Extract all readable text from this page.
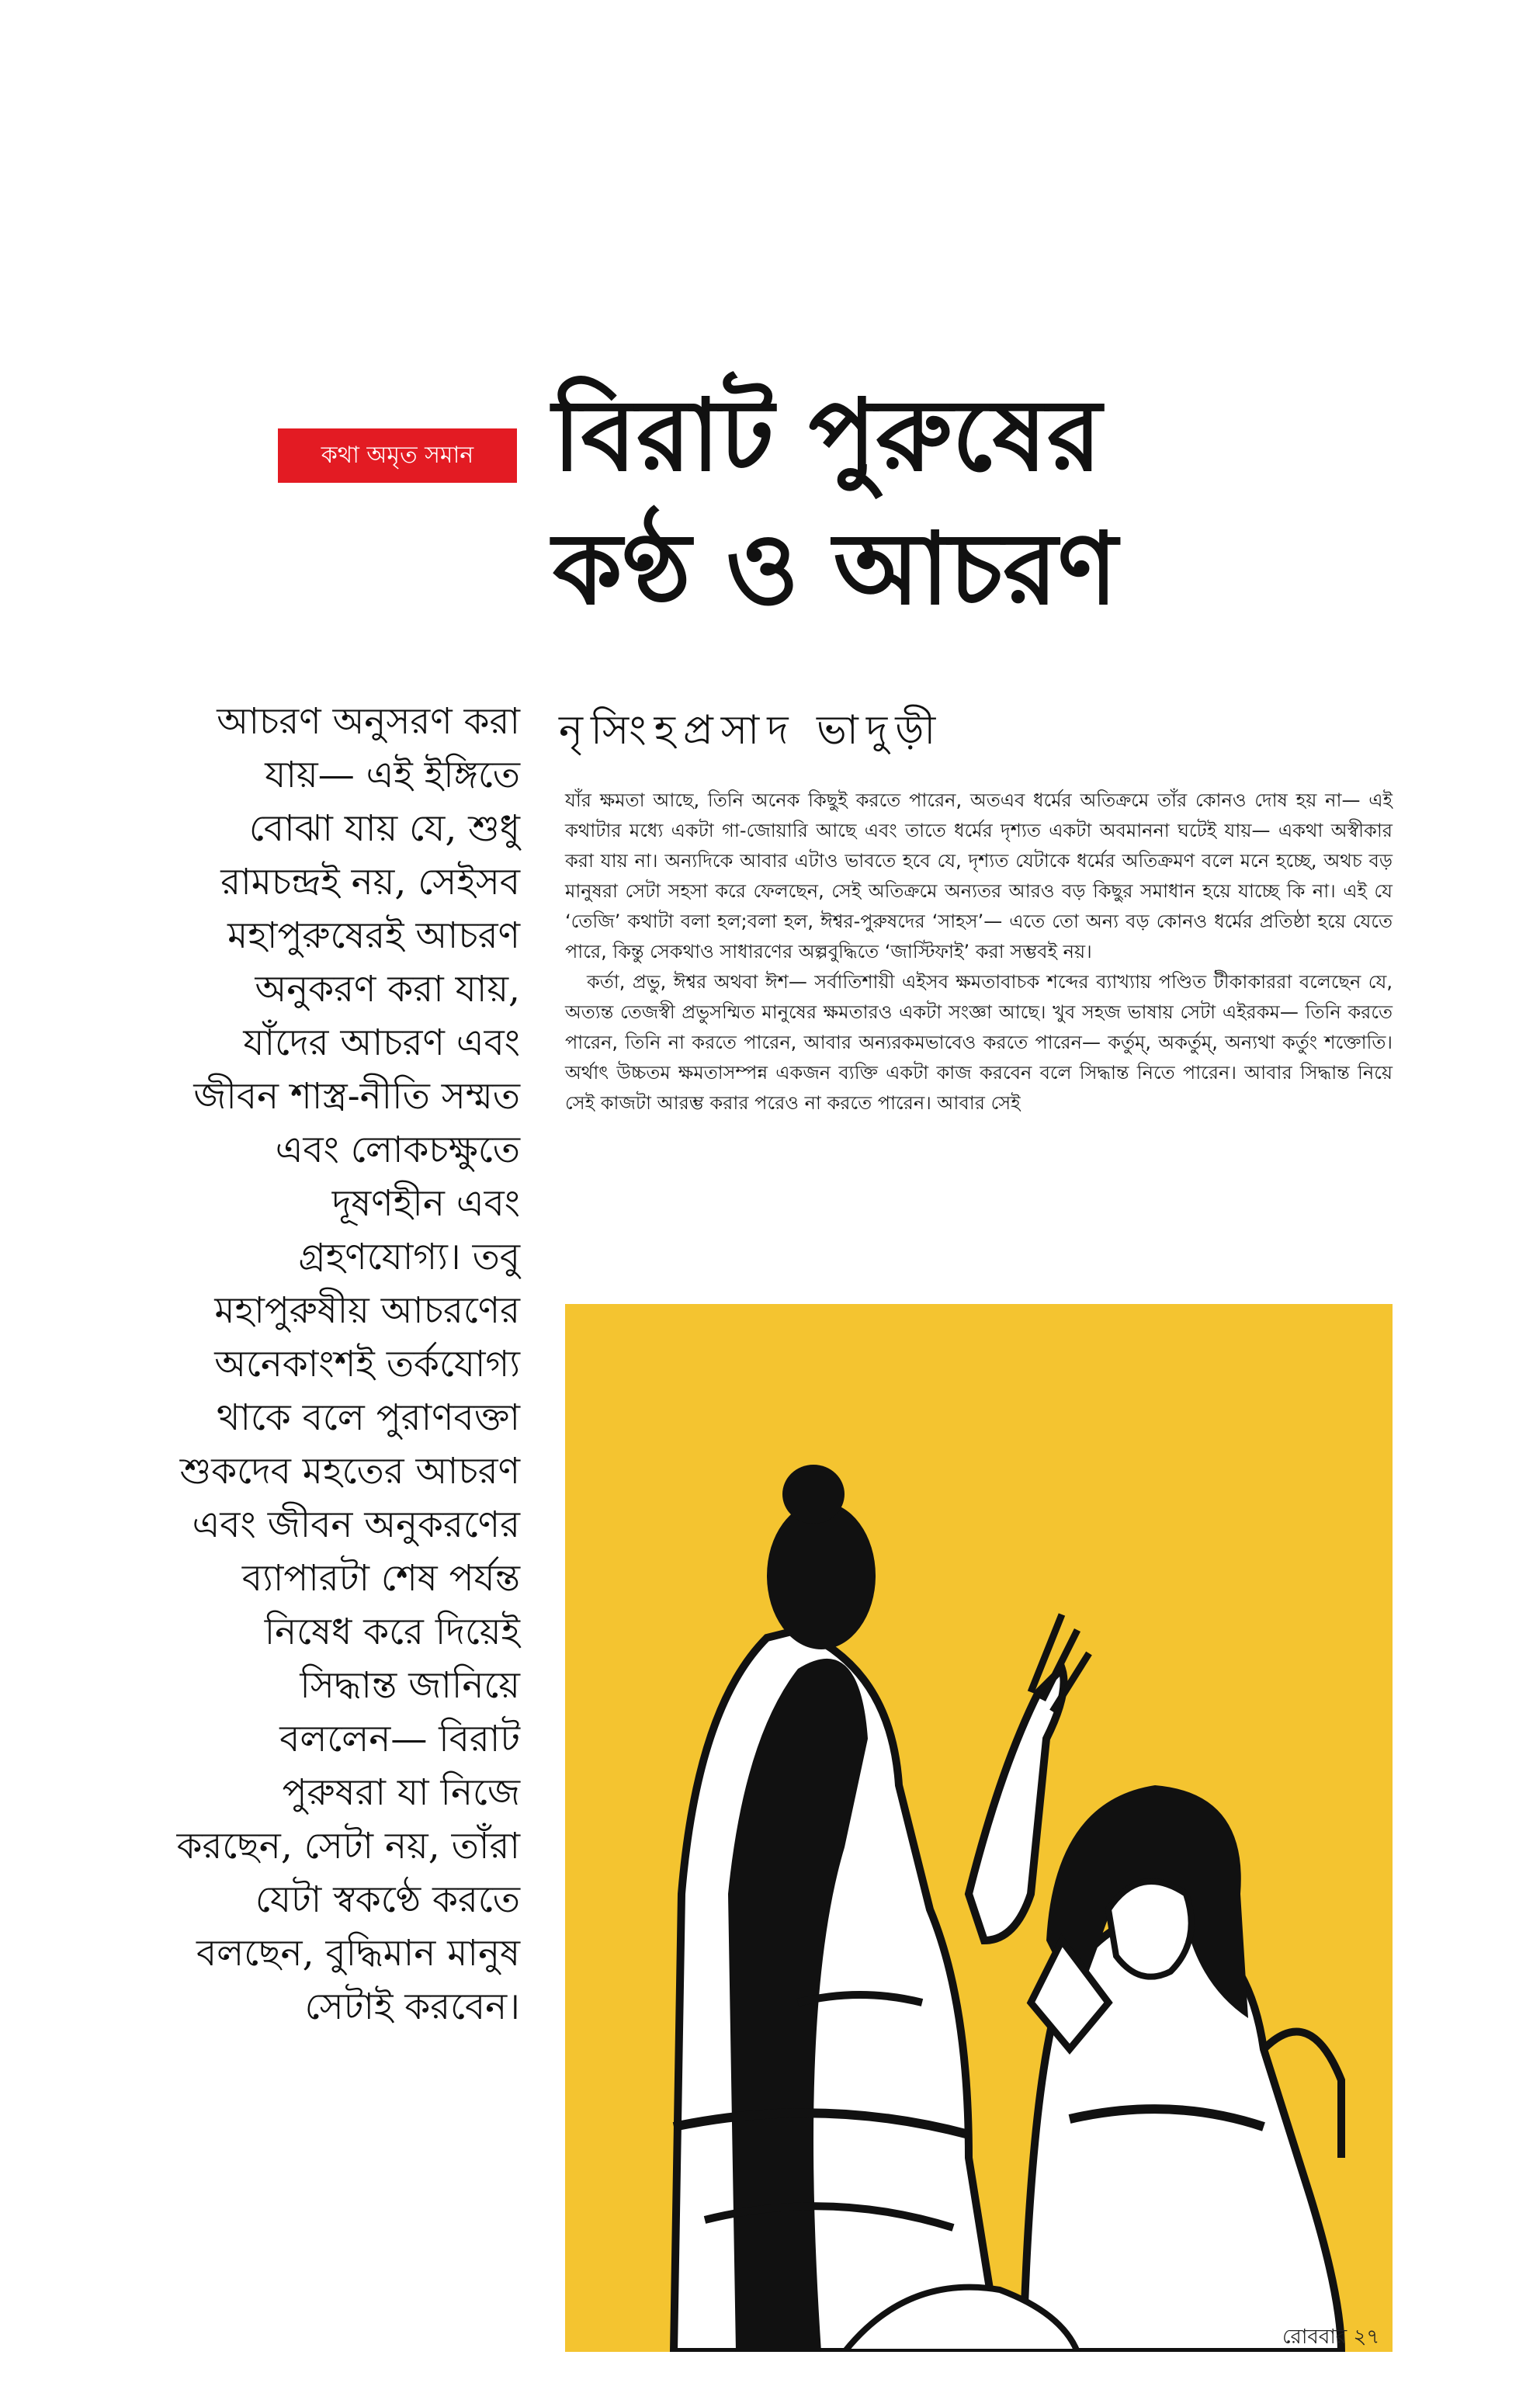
কথা অমৃত সমান বিরাট পুরুষের
কণ্ঠ ও আচরণ
নৃসিংহপ্রসাদ ভাদুড়ী
আচরণ অনুসরণ করা
যায়— এই ইঙ্গিতে
বোঝা যায় যে, শুধু
রামচন্দ্রই নয়, সেইসব
মহাপুরুষেরই আচরণ
অনুকরণ করা যায়,
যাঁদের আচরণ এবং
জীবন শাস্ত্র-নীতি সম্মত
এবং লোকচক্ষুতে
দূষণহীন এবং
গ্রহণযোগ্য। তবু
মহাপুরুষীয় আচরণের
অনেকাংশই তর্কযোগ্য
থাকে বলে পুরাণবক্তা
শুকদেব মহতের আচরণ
এবং জীবন অনুকরণের
ব্যাপারটা শেষ পর্যন্ত
নিষেধ করে দিয়েই
সিদ্ধান্ত জানিয়ে
বললেন— বিরাট
পুরুষরা যা নিজে
করছেন, সেটা নয়, তাঁরা
যেটা স্বকণ্ঠে করতে
বলছেন, বুদ্ধিমান মানুষ
সেটাই করবেন।

যাঁর ক্ষমতা আছে, তিনি অনেক কিছুই করতে পারেন, অতএব ধর্মের অতিক্রমে তাঁর কোনও দোষ হয় না— এই কথাটার মধ্যে একটা গা-জোয়ারি আছে এবং তাতে ধর্মের দৃশ্যত একটা অবমাননা ঘটেই যায়— একথা অস্বীকার করা যায় না। অন্যদিকে আবার এটাও ভাবতে হবে যে, দৃশ্যত যেটাকে ধর্মের অতিক্রমণ বলে মনে হচ্ছে, অথচ বড় মানুষরা সেটা সহসা করে ফেলছেন, সেই অতিক্রমে অন্যতর আরও বড় কিছুর সমাধান হয়ে যাচ্ছে কি না। এই যে ‘তেজি’ কথাটা বলা হল;বলা হল, ঈশ্বর-পুরুষদের ‘সাহস’— এতে তো অন্য বড় কোনও ধর্মের প্রতিষ্ঠা হয়ে যেতে পারে, কিন্তু সেকথাও সাধারণের অল্পবুদ্ধিতে ‘জাস্টিফাই’ করা সম্ভবই নয়।

কর্তা, প্রভু, ঈশ্বর অথবা ঈশ— সর্বাতিশায়ী এইসব ক্ষমতাবাচক শব্দের ব্যাখ্যায় পণ্ডিত টীকাকাররা বলেছেন যে, অত্যন্ত তেজস্বী প্রভুসম্মিত মানুষের ক্ষমতারও একটা সংজ্ঞা আছে। খুব সহজ ভাষায় সেটা এইরকম— তিনি করতে পারেন, তিনি না করতে পারেন, আবার অন্যরকমভাবেও করতে পারেন— কর্তুম্‌, অকর্তুম্‌, অন্যথা কর্তুং শক্তোতি। অর্থাৎ উচ্চতম ক্ষমতাসম্পন্ন একজন ব্যক্তি একটা কাজ করবেন বলে সিদ্ধান্ত নিতে পারেন। আবার সিদ্ধান্ত নিয়ে সেই কাজটা আরম্ভ করার পরেও না করতে পারেন। আবার সেই

রোববার ২৭
